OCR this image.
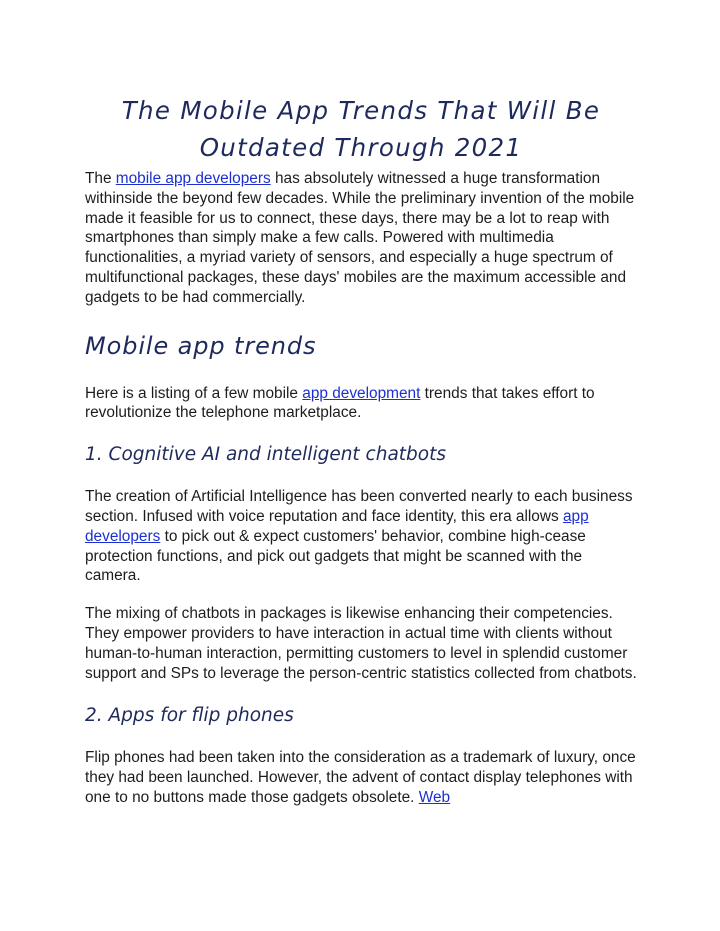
The Mobile App Trends That Will Be Outdated Through 2021

The mobile app developers has absolutely witnessed a huge transformation withinside the beyond few decades. While the preliminary invention of the mobile made it feasible for us to connect, these days, there may be a lot to reap with smartphones than simply make a few calls. Powered with multimedia functionalities, a myriad variety of sensors, and especially a huge spectrum of multifunctional packages, these days' mobiles are the maximum accessible and gadgets to be had commercially.

Mobile app trends

Here is a listing of a few mobile app development trends that takes effort to revolutionize the telephone marketplace.

1. Cognitive AI and intelligent chatbots

The creation of Artificial Intelligence has been converted nearly to each business section. Infused with voice reputation and face identity, this era allows app developers to pick out & expect customers' behavior, combine high-cease protection functions, and pick out gadgets that might be scanned with the camera.

The mixing of chatbots in packages is likewise enhancing their competencies. They empower providers to have interaction in actual time with clients without human-to-human interaction, permitting customers to level in splendid customer support and SPs to leverage the person-centric statistics collected from chatbots.

2. Apps for flip phones

Flip phones had been taken into the consideration as a trademark of luxury, once they had been launched. However, the advent of contact display telephones with one to no buttons made those gadgets obsolete. Web
